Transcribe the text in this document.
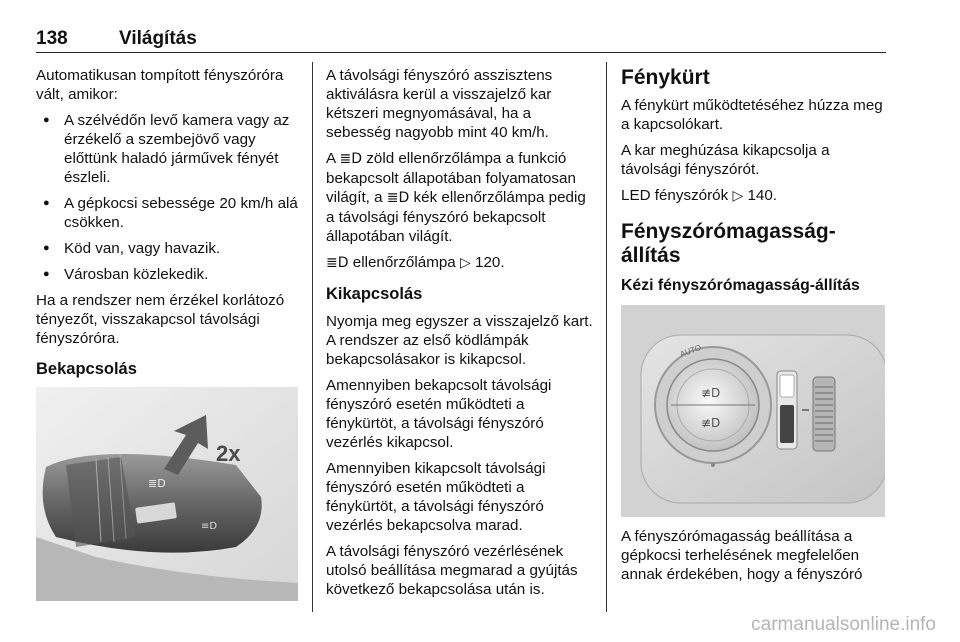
138	Világítás

Automatikusan tompított fényszóróra vált, amikor:

● A szélvédőn levő kamera vagy az érzékelő a szembejövő vagy előttünk haladó járművek fényét észleli.
● A gépkocsi sebessége 20 km/h alá csökken.
● Köd van, vagy havazik.
● Városban közlekedik.

Ha a rendszer nem érzékel korlátozó tényezőt, visszakapcsol távolsági fényszóróra.

Bekapcsolás
≣D
≡D
2x

A távolsági fényszóró asszisztens aktiválásra kerül a visszajelző kar kétszeri megnyomásával, ha a sebesség nagyobb mint 40 km/h.

A ≣D zöld ellenőrzőlámpa a funkció bekapcsolt állapotában folyamatosan világít, a ≣D kék ellenőrzőlámpa pedig a távolsági fényszóró bekapcsolt állapotában világít.

≣D ellenőrzőlámpa ▷ 120.

Kikapcsolás

Nyomja meg egyszer a visszajelző kart. A rendszer az első ködlámpák bekapcsolásakor is kikapcsol.

Amennyiben bekapcsolt távolsági fényszóró esetén működteti a fénykürtöt, a távolsági fényszóró vezérlés kikapcsol.

Amennyiben kikapcsolt távolsági fényszóró esetén működteti a fénykürtöt, a távolsági fényszóró vezérlés bekapcsolva marad.

A távolsági fényszóró vezérlésének utolsó beállítása megmarad a gyújtás következő bekapcsolása után is.

Fénykürt

A fénykürt működtetéséhez húzza meg a kapcsolókart.

A kar meghúzása kikapcsolja a távolsági fényszórót.

LED fényszórók ▷ 140.

Fényszórómagasság-állítás
Kézi fényszórómagasság-állítás
≢D
≢D
AUTO

A fényszórómagasság beállítása a gépkocsi terhelésének megfelelően annak érdekében, hogy a fényszóró

carmanualsonline.info
